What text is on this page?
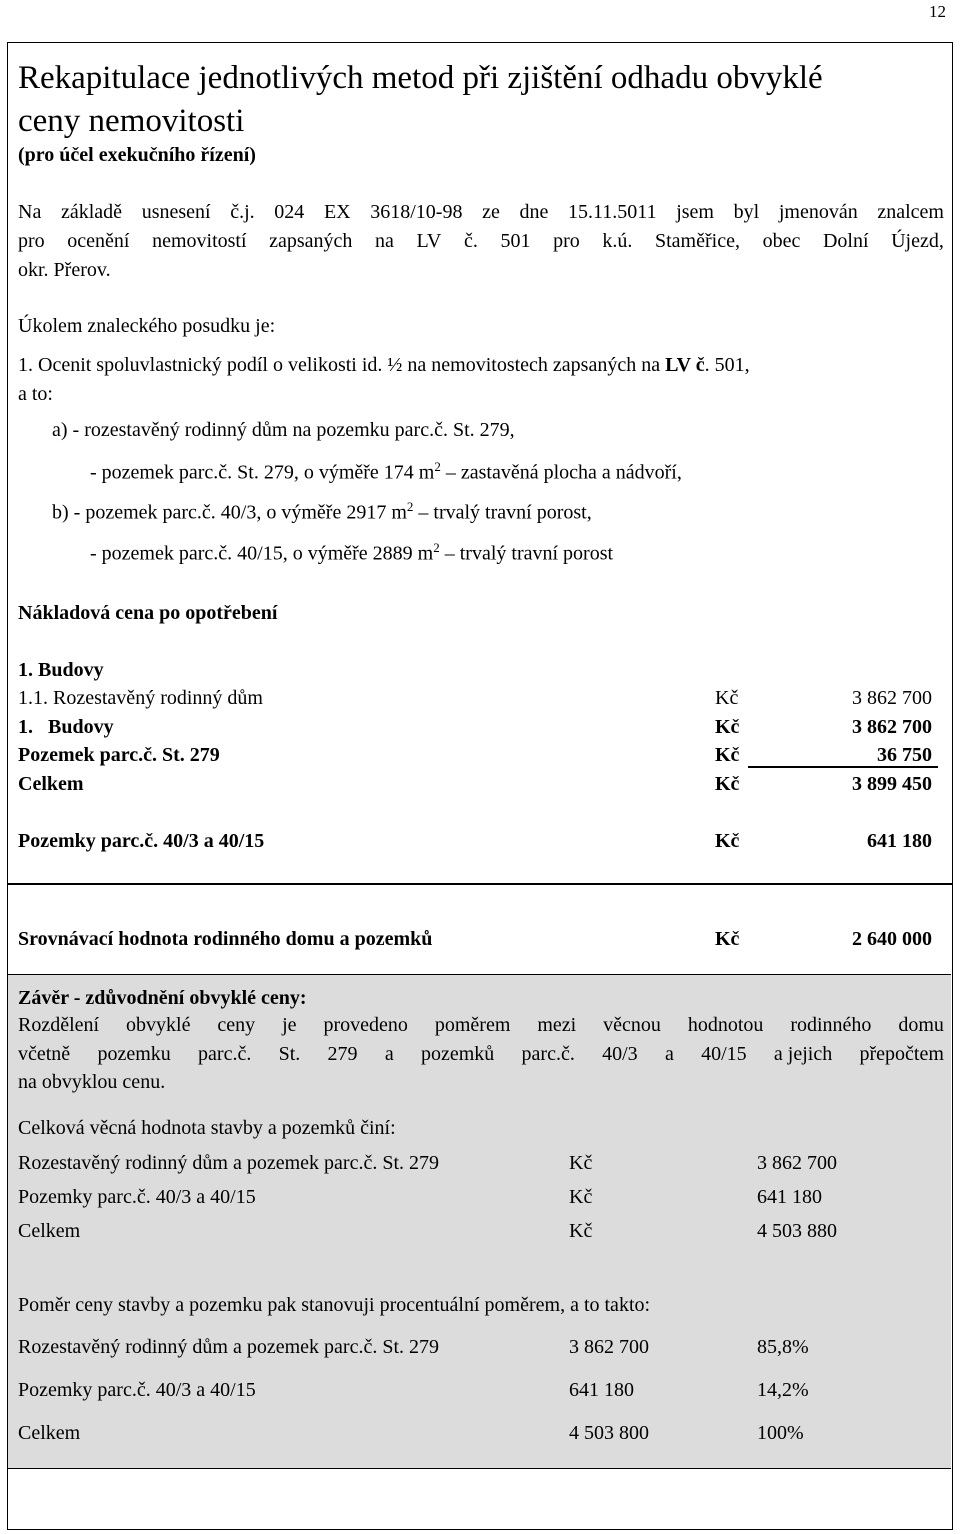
12
Rekapitulace jednotlivých metod při zjištění odhadu obvyklé
ceny nemovitosti
(pro účel exekučního řízení)
Na základě usnesení č.j. 024 EX 3618/10-98 ze dne 15.11.5011 jsem byl jmenován znalcem
pro ocenění nemovitostí zapsaných na LV č. 501 pro k.ú. Staměřice, obec Dolní Újezd,
okr. Přerov.
Úkolem znaleckého posudku je:
1. Ocenit spoluvlastnický podíl o velikosti id. ½ na nemovitostech zapsaných na LV č. 501,
a to:
a) - rozestavěný rodinný dům na pozemku parc.č. St. 279,
- pozemek parc.č. St. 279, o výměře 174 $m^2$ – zastavěná plocha a nádvoří,
b) - pozemek parc.č. 40/3, o výměře 2917 $m^2$ – trvalý travní porost,
- pozemek parc.č. 40/15, o výměře 2889 $m^2$ – trvalý travní porost
Nákladová cena po opotřebení
1. Budovy
1.1. Rozestavěný rodinný dům	Kč	3 862 700
1.   Budovy	Kč	3 862 700
Pozemek parc.č. St. 279	Kč	36 750
Celkem	Kč	3 899 450
Pozemky parc.č. 40/3 a 40/15	Kč	641 180
Srovnávací hodnota rodinného domu a pozemků	Kč	2 640 000
Závěr - zdůvodnění obvyklé ceny:
Rozdělení obvyklé ceny je provedeno poměrem mezi věcnou hodnotou rodinného domu
včetně pozemku parc.č. St. 279 a pozemků parc.č. 40/3 a 40/15 a jejich přepočtem
na obvyklou cenu.
Celková věcná hodnota stavby a pozemků činí:
Rozestavěný rodinný dům a pozemek parc.č. St. 279	Kč	3 862 700
Pozemky parc.č. 40/3 a 40/15	Kč	641 180
Celkem	Kč	4 503 880
Poměr ceny stavby a pozemku pak stanovuji procentuální poměrem, a to takto:
Rozestavěný rodinný dům a pozemek parc.č. St. 279	3 862 700	85,8%
Pozemky parc.č. 40/3 a 40/15	641 180	14,2%
Celkem	4 503 800	100%
